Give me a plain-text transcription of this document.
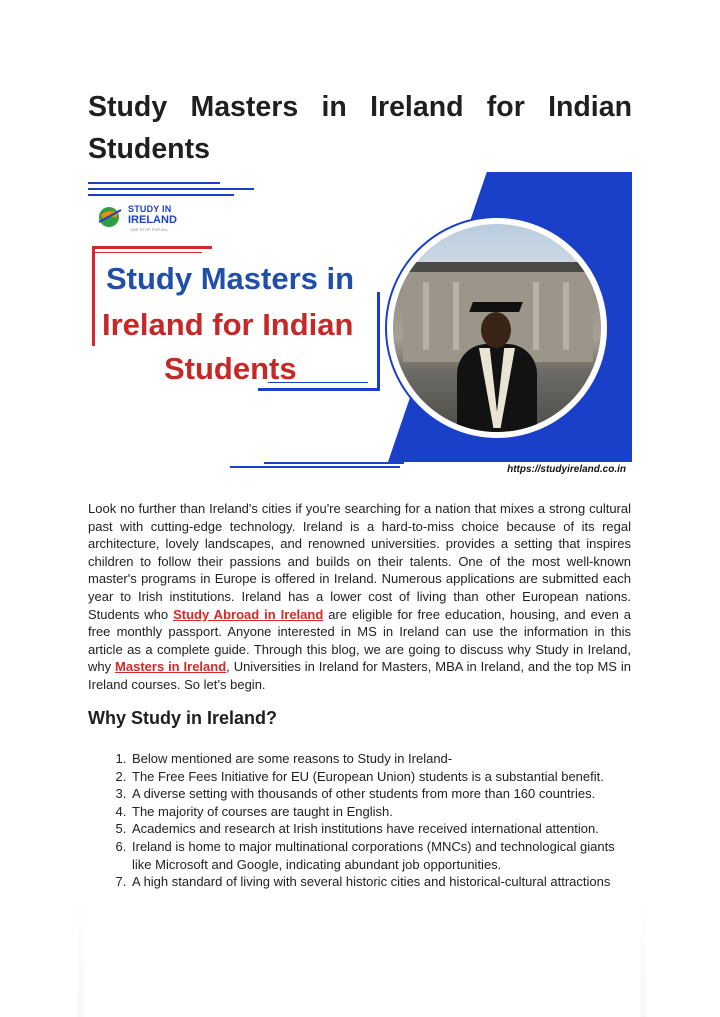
Study Masters in Ireland for Indian Students
STUDY IN
IRELAND
ONE STOP FOR ALL
Study Masters in
Ireland for Indian
Students
https://studyireland.co.in

Look no further than Ireland's cities if you're searching for a nation that mixes a strong cultural past with cutting-edge technology. Ireland is a hard-to-miss choice because of its regal architecture, lovely landscapes, and renowned universities. provides a setting that inspires children to follow their passions and builds on their talents. One of the most well-known master's programs in Europe is offered in Ireland. Numerous applications are submitted each year to Irish institutions. Ireland has a lower cost of living than other European nations. Students who Study Abroad in Ireland are eligible for free education, housing, and even a free monthly passport. Anyone interested in MS in Ireland can use the information in this article as a complete guide. Through this blog, we are going to discuss why Study in Ireland, why Masters in Ireland, Universities in Ireland for Masters, MBA in Ireland, and the top MS in Ireland courses. So let’s begin.

Why Study in Ireland?
1. Below mentioned are some reasons to Study in Ireland-
2. The Free Fees Initiative for EU (European Union) students is a substantial benefit.
3. A diverse setting with thousands of other students from more than 160 countries.
4. The majority of courses are taught in English.
5. Academics and research at Irish institutions have received international attention.
6. Ireland is home to major multinational corporations (MNCs) and technological giants like Microsoft and Google, indicating abundant job opportunities.
7. A high standard of living with several historic cities and historical-cultural attractions
